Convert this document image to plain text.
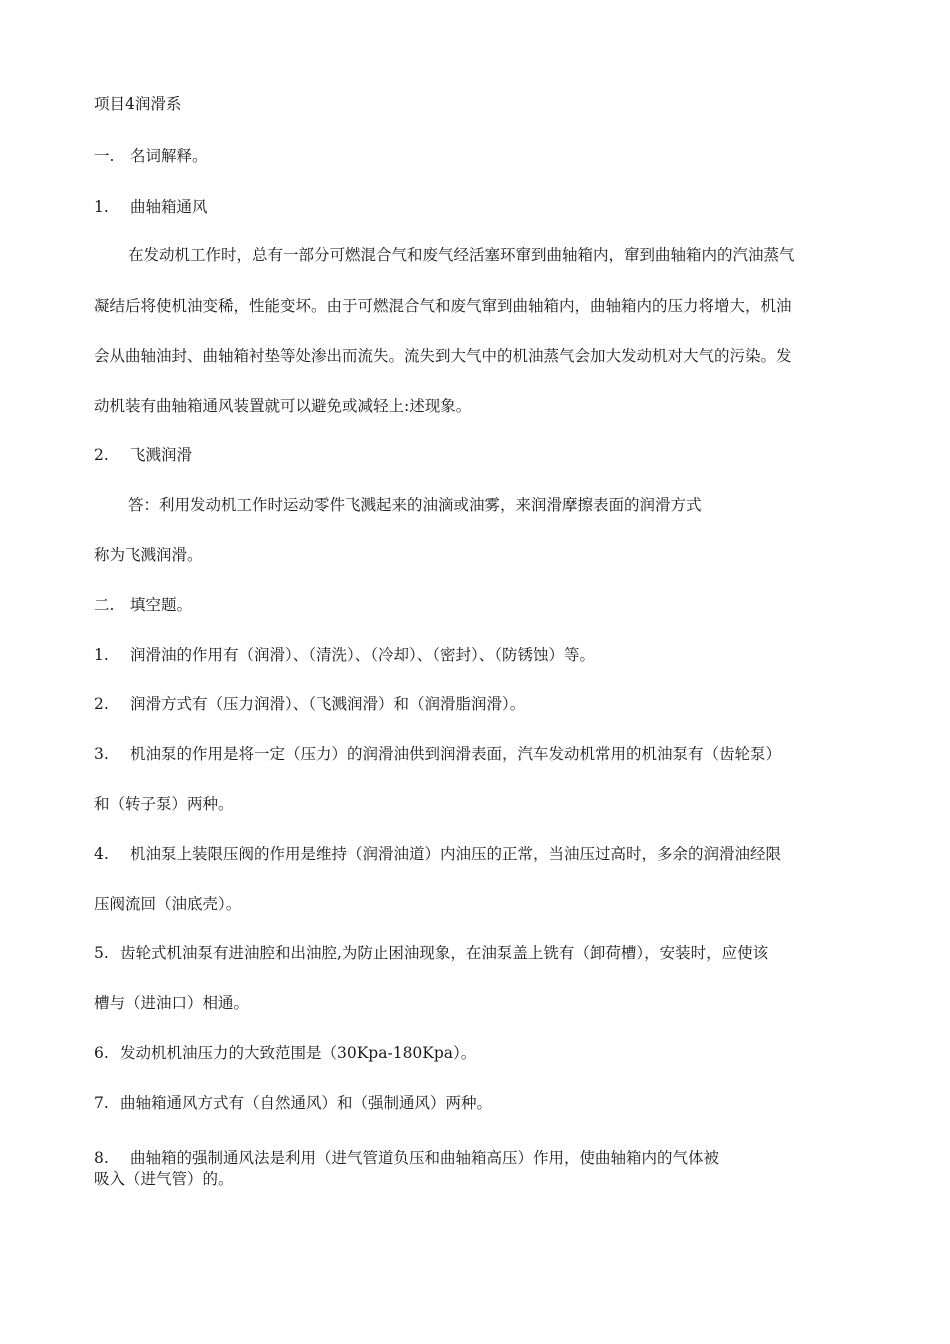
项目4润滑系
一. 名词解释。
1. 曲轴箱通风
在发动机工作时，总有一部分可燃混合气和废气经活塞环窜到曲轴箱内，窜到曲轴箱内的汽油蒸气
凝结后将使机油变稀，性能变坏。由于可燃混合气和废气窜到曲轴箱内，曲轴箱内的压力将增大，机油
会从曲轴油封、曲轴箱衬垫等处渗出而流失。流失到大气中的机油蒸气会加大发动机对大气的污染。发
动机装有曲轴箱通风装置就可以避免或减轻上:述现象。
2. 飞溅润滑
答：利用发动机工作时运动零件飞溅起来的油滴或油雾，来润滑摩擦表面的润滑方式
称为飞溅润滑。
二. 填空题。
1. 润滑油的作用有（润滑）、（清洗）、（冷却）、（密封）、（防锈蚀）等。
2. 润滑方式有（压力润滑）、（飞溅润滑）和（润滑脂润滑）。
3. 机油泵的作用是将一定（压力）的润滑油供到润滑表面，汽车发动机常用的机油泵有（齿轮泵）
和（转子泵）两种。
4. 机油泵上装限压阀的作用是维持（润滑油道）内油压的正常，当油压过高时，多余的润滑油经限
压阀流回（油底壳）。
5. 齿轮式机油泵有进油腔和出油腔,为防止困油现象，在油泵盖上铣有（卸荷槽），安装时，应使该
槽与（进油口）相通。
6. 发动机机油压力的大致范围是（30Kpa-180Kpa）。
7. 曲轴箱通风方式有（自然通风）和（强制通风）两种。
8. 曲轴箱的强制通风法是利用（进气管道负压和曲轴箱高压）作用，使曲轴箱内的气体被
吸入（进气管）的。
